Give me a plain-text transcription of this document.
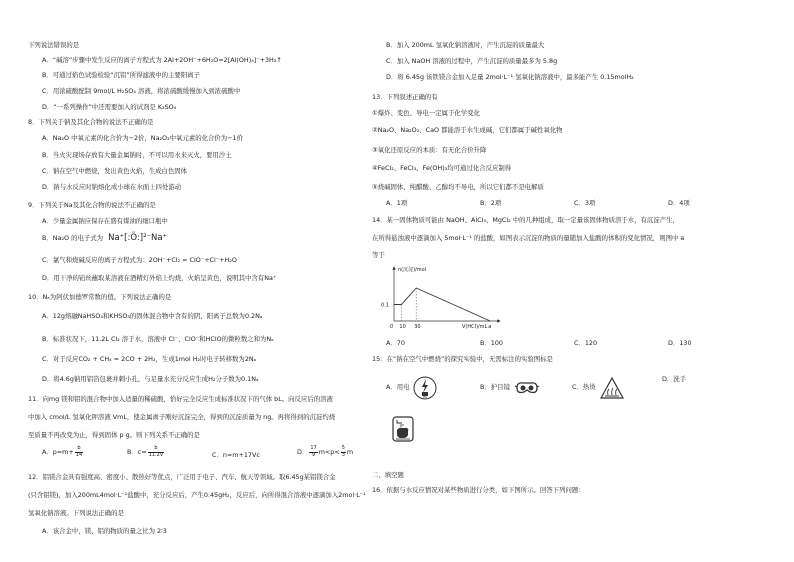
下列说法错误的是
A．“碱溶”步骤中发生反应的离子方程式为 2Al+2OH⁻+6H₂O=2[Al(OH)₄]⁻+3H₂↑
B．可通过焰色试验检验“沉铝”所得滤液中的主要阳离子
C．用浓硫酸配制 9mol/L H₂SO₄ 溶液，将浓硫酸缓慢加入到浓硫酸中
D．“一系列操作”中还需要加入的试剂是 K₂SO₄
8．下列关于钠及其化合物的说法不正确的是
A．Na₂O 中氧元素的化合价为−2价，Na₂O₂中氧元素的化合价为−1价
B．当火灾现场存放有大量金属钠时，不可以用水来灭火，要用沙土
C．钠在空气中燃烧，发出黄色火焰，生成白色固体
D．钠与水反应时钠熔化成小球在水面上四处游动
9．下列关于Na及其化合物的说法不正确的是
A．少量金属钠应保存在盛有煤油的细口瓶中
B．Na₂O 的电子式为 Na⁺[:Ö:]²⁻Na⁺
C．氯气和烧碱反应的离子方程式为：2OH⁻+Cl₂ = ClO⁻+Cl⁻+H₂O
D．用干净的铂丝蘸取某溶液在酒精灯外焰上灼烧，火焰呈黄色，说明其中含有Na⁺
10．Nₐ为阿伏加德罗常数的值。下列说法正确的是
A．12g熔融NaHSO₄和KHSO₃的固体混合物中含有的阴、阳离子总数为0.2Nₐ
B．标准状况下，11.2L Cl₂ 溶于水，溶液中 Cl⁻、ClO⁻和HClO的微粒数之和为Nₐ
C．对于反应CO₂ + CH₄ = 2CO + 2H₂，生成1mol H₂时电子转移数为2Nₐ
D．将4.6g钠用铝箔包裹并刺小孔，与足量水充分反应生成H₂分子数为0.1Nₐ
11．向mg 镁和铝的混合物中加入适量的稀硫酸，恰好完全反应生成标准状况下的气体 bL。向反应后的溶液
中加入 cmol/L 氢氧化钾溶液 VmL，使金属离子刚好沉淀完全，得到的沉淀质量为 ng。再将得到的沉淀灼烧
至质量不再改变为止，得到固体 p g。则下列关系不正确的是
A．$p=m+ \frac{b}{14}$	B．$c= \frac{b}{11.2V}$	C．n=m+17Vc	D． $\frac{17}{9} m<p< \frac{5}{3}$ m
12．铝镁合金具有强度高、密度小、散热好等优点，广泛用于电子、汽车、航天等领域。取6.45g某铝镁合金
(只含铝镁)，加入200mL4mol·L⁻¹盐酸中，充分反应后，产生0.45gH₂，反应后，向所得混合溶液中逐滴加入2mol·L⁻¹
氢氧化钠溶液。下列说法正确的是
A．该合金中，镁、铝的物质的量之比为 2∶3
B．加入 200mL 氢氧化钠溶液时，产生沉淀的质量最大
C．加入 NaOH 溶液的过程中，产生沉淀的质量最多为 5.8g
D．将 6.45g 该铁镁合金加入足量 2mol·L⁻¹ 氢氧化钠溶液中，最多能产生 0.15molH₂
13．下列叙述正确的有
①爆炸、变色、导电一定属于化学变化
②Na₂O、Na₂O₂、CaO 都能溶于水生成碱，它们都属于碱性氧化物
③氧化还原反应的本质：有无化合价升降
④FeCl₂、FeCl₃、Fe(OH)₃均可通过化合反应制得
⑤烧碱固体、纯醋酸、乙醇均不导电，所以它们都不是电解质
A．1项	B．2项	C．3项	D．4项
14．某一固体物质可能由 NaOH、AlCl₃、MgCl₂ 中的几种组成，取一定量该固体物质溶于水，有沉淀产生，
在所得悬浊液中逐滴加入 5mol·L⁻¹ 的盐酸，如图表示沉淀的物质的量随加入盐酸的体积的变化情况，则图中 a
等于
n(沉淀)/mol
V(HCl)/mL
0 10 30	a
0.1
A．70	B．100	C．120	D．130
15．在“钠在空气中燃烧”的探究实验中，无需标注的实验图标是
A．用电	B．护目镜	C．热烫
D．洗手
二、填空题
16．依据与水反应情况对某些物质进行分类，如下图所示。回答下列问题：
